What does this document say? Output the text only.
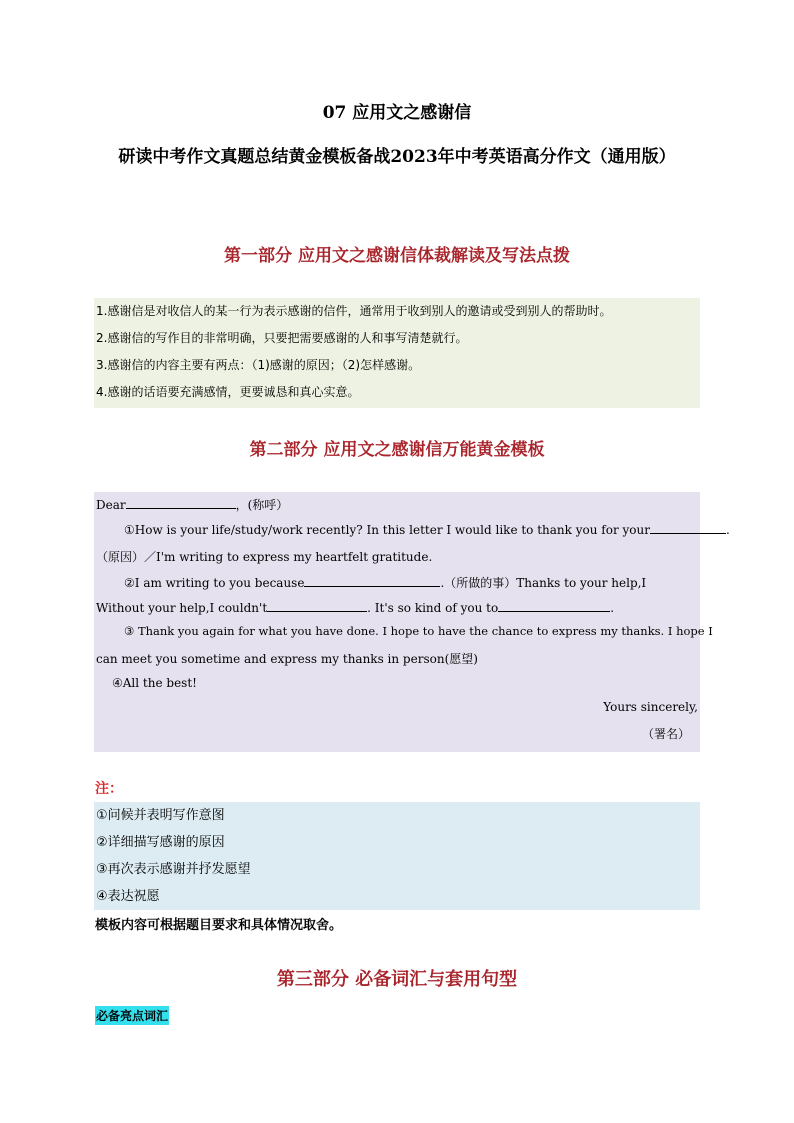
07 应用文之感谢信
研读中考作文真题总结黄金模板备战2023年中考英语高分作文（通用版）
第一部分 应用文之感谢信体裁解读及写法点拨
1.感谢信是对收信人的某一行为表示感谢的信件，通常用于收到别人的邀请或受到别人的帮助时。
2.感谢信的写作目的非常明确，只要把需要感谢的人和事写清楚就行。
3.感谢信的内容主要有两点：（1)感谢的原因；（2)怎样感谢。
4.感谢的话语要充满感情，更要诚恳和真心实意。
第二部分 应用文之感谢信万能黄金模板
Dear	，(称呼）
①How is your life/study/work recently? In this letter I would like to thank you for your	.
（原因）／I'm writing to express my heartfelt gratitude.
②I am writing to you because	.（所做的事）Thanks to your help,I
Without your help,I couldn't	. It's so kind of you to	.
③ Thank you again for what you have done. I hope to have the chance to express my thanks. I hope I
can meet you sometime and express my thanks in person(愿望)
④All the best!
Yours sincerely,
（署名）
注：
①问候并表明写作意图
②详细描写感谢的原因
③再次表示感谢并抒发愿望
④表达祝愿
模板内容可根据题目要求和具体情况取舍。
第三部分 必备词汇与套用句型
必备亮点词汇
